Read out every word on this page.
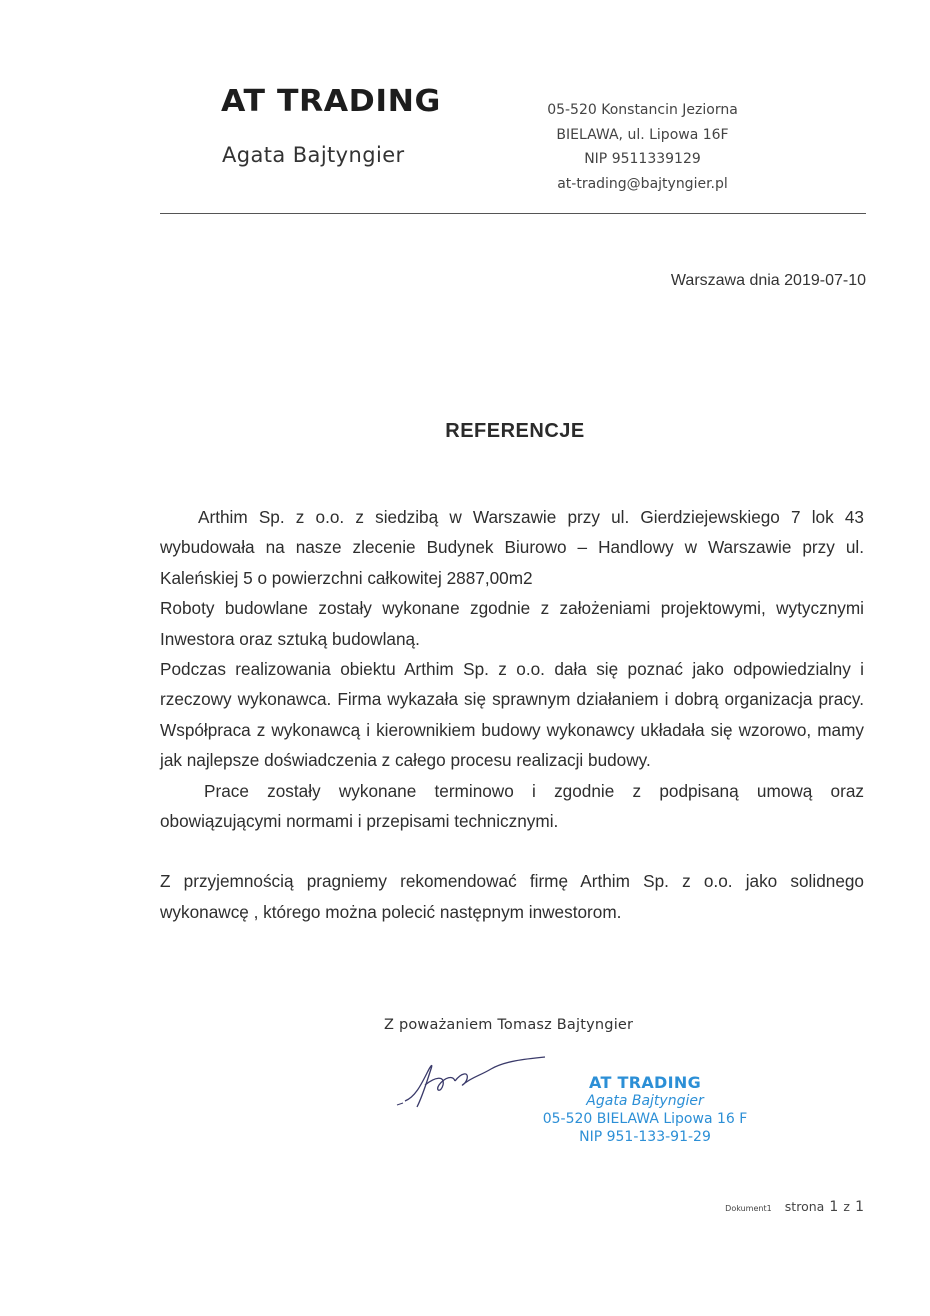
AT TRADING
Agata Bajtyngier
05-520 Konstancin Jeziorna
BIELAWA, ul. Lipowa 16F
NIP 9511339129
at-trading@bajtyngier.pl
Warszawa dnia 2019-07-10
REFERENCJE

Arthim Sp. z o.o. z siedzibą w Warszawie przy ul. Gierdziejewskiego 7 lok 43 wybudowała na nasze zlecenie Budynek Biurowo – Handlowy w Warszawie przy ul. Kaleńskiej 5 o powierzchni całkowitej 2887,00m2

Roboty budowlane zostały wykonane zgodnie z założeniami projektowymi, wytycznymi Inwestora oraz sztuką budowlaną.

Podczas realizowania obiektu Arthim Sp. z o.o. dała się poznać jako odpowiedzialny i rzeczowy wykonawca. Firma wykazała się sprawnym działaniem i dobrą organizacja pracy. Współpraca z wykonawcą i kierownikiem budowy wykonawcy układała się wzorowo, mamy jak najlepsze doświadczenia z całego procesu realizacji budowy.

Prace zostały wykonane terminowo i zgodnie z podpisaną umową oraz obowiązującymi normami i przepisami technicznymi.

Z przyjemnością pragniemy rekomendować firmę Arthim Sp. z o.o. jako solidnego wykonawcę , którego można polecić następnym inwestorom.

Z poważaniem Tomasz Bajtyngier
AT TRADING
Agata Bajtyngier
05-520 BIELAWA Lipowa 16 F
NIP 951-133-91-29
Dokument1 strona 1 z 1
